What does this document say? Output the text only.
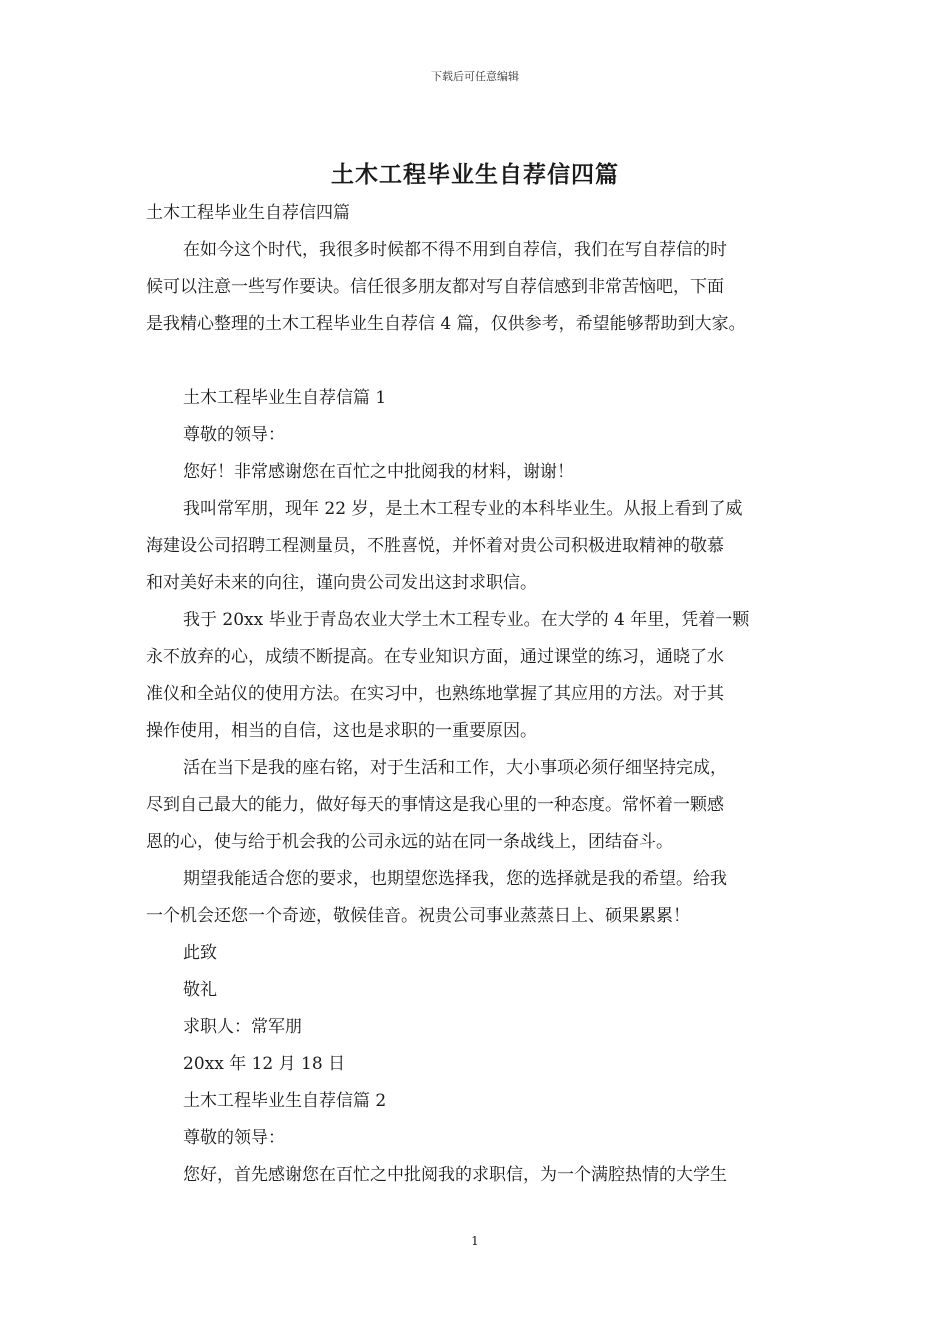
下载后可任意编辑
土木工程毕业生自荐信四篇
土木工程毕业生自荐信四篇
在如今这个时代，我很多时候都不得不用到自荐信，我们在写自荐信的时
候可以注意一些写作要诀。信任很多朋友都对写自荐信感到非常苦恼吧，下面
是我精心整理的土木工程毕业生自荐信 4 篇，仅供参考，希望能够帮助到大家。
土木工程毕业生自荐信篇 1
尊敬的领导：
您好！非常感谢您在百忙之中批阅我的材料，谢谢！
我叫常军朋，现年 22 岁，是土木工程专业的本科毕业生。从报上看到了威
海建设公司招聘工程测量员，不胜喜悦，并怀着对贵公司积极进取精神的敬慕
和对美好未来的向往，谨向贵公司发出这封求职信。
我于 20xx 毕业于青岛农业大学土木工程专业。在大学的 4 年里，凭着一颗
永不放弃的心，成绩不断提高。在专业知识方面，通过课堂的练习，通晓了水
准仪和全站仪的使用方法。在实习中，也熟练地掌握了其应用的方法。对于其
操作使用，相当的自信，这也是求职的一重要原因。
活在当下是我的座右铭，对于生活和工作，大小事项必须仔细坚持完成，
尽到自己最大的能力，做好每天的事情这是我心里的一种态度。常怀着一颗感
恩的心，使与给于机会我的公司永远的站在同一条战线上，团结奋斗。
期望我能适合您的要求，也期望您选择我，您的选择就是我的希望。给我
一个机会还您一个奇迹，敬候佳音。祝贵公司事业蒸蒸日上、硕果累累！
此致
敬礼
求职人：常军朋
20xx 年 12 月 18 日
土木工程毕业生自荐信篇 2
尊敬的领导：
您好，首先感谢您在百忙之中批阅我的求职信，为一个满腔热情的大学生
1
